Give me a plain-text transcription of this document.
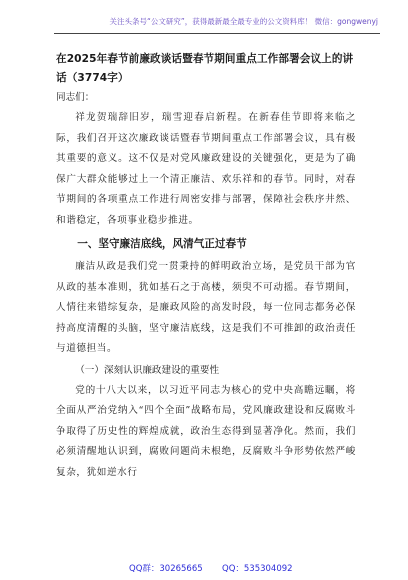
关注头条号“公文研究”，获得最新最全最专业的公文资料库！ 微信：gongwenyj

在2025年春节前廉政谈话暨春节期间重点工作部署会议上的讲话（3774字）

同志们：

祥龙贺瑞辞旧岁，瑞雪迎春启新程。在新春佳节即将来临之际，我们召开这次廉政谈话暨春节期间重点工作部署会议，具有极其重要的意义。这不仅是对党风廉政建设的关键强化，更是为了确保广大群众能够过上一个清正廉洁、欢乐祥和的春节。同时，对春节期间的各项重点工作进行周密安排与部署，保障社会秩序井然、和谐稳定，各项事业稳步推进。

一、坚守廉洁底线，风清气正过春节

廉洁从政是我们党一贯秉持的鲜明政治立场，是党员干部为官从政的基本准则，犹如基石之于高楼，须臾不可动摇。春节期间，人情往来错综复杂，是廉政风险的高发时段，每一位同志都务必保持高度清醒的头脑，坚守廉洁底线，这是我们不可推卸的政治责任与道德担当。

（一）深刻认识廉政建设的重要性

党的十八大以来，以习近平同志为核心的党中央高瞻远瞩，将全面从严治党纳入“四个全面”战略布局，党风廉政建设和反腐败斗争取得了历史性的辉煌成就，政治生态得到显著净化。然而，我们必须清醒地认识到，腐败问题尚未根绝，反腐败斗争形势依然严峻复杂，犹如逆水行

QQ群：30265665 QQ：535304092
